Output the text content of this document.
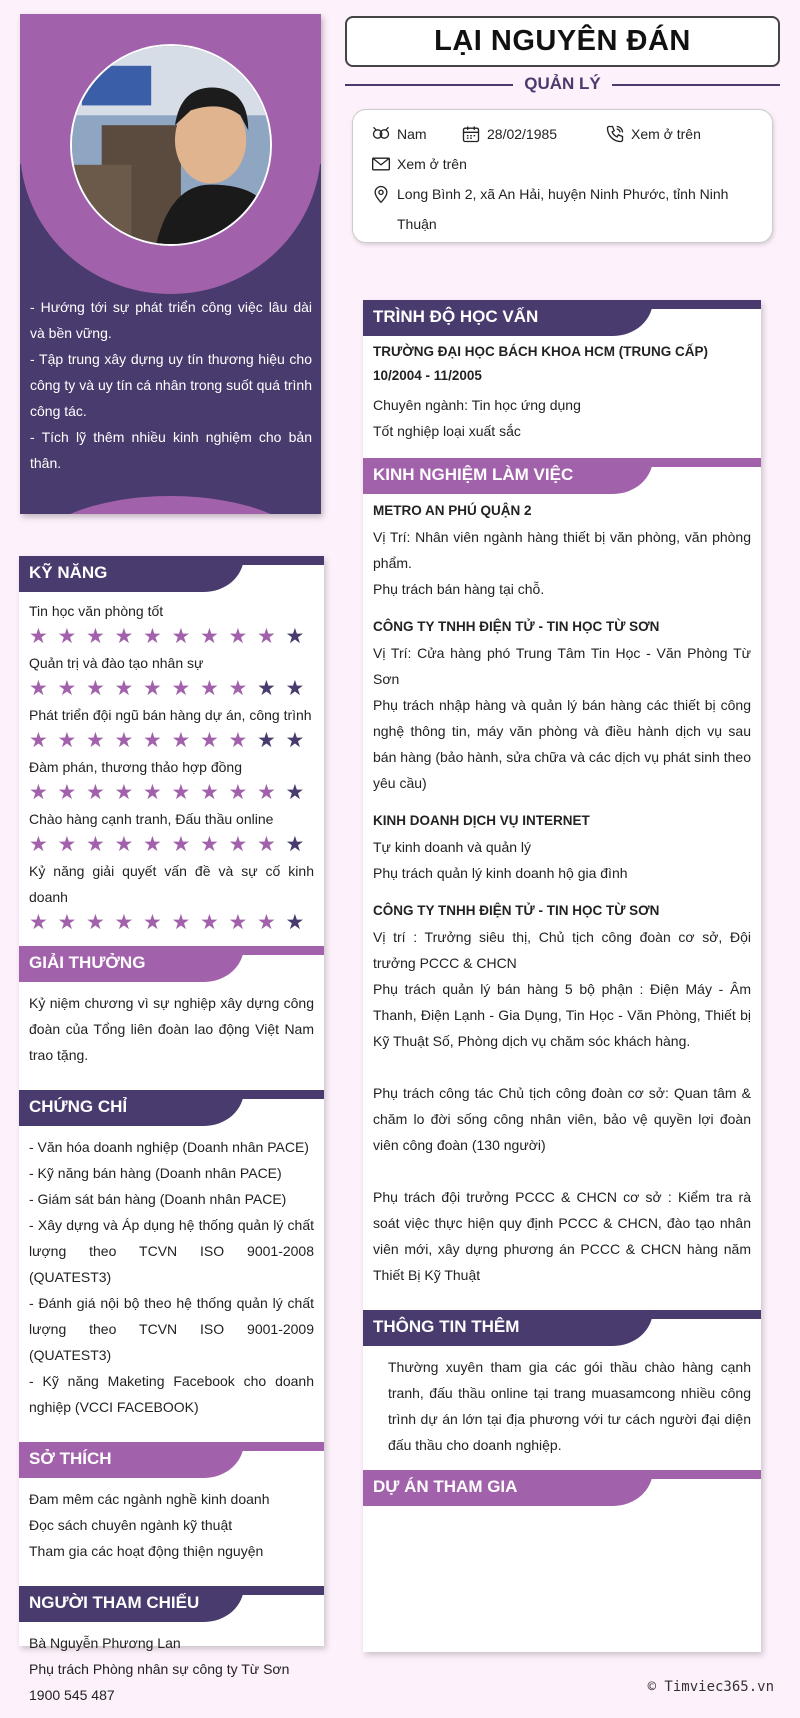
- Hướng tới sự phát triển công việc lâu dài và bền vững.

- Tập trung xây dựng uy tín thương hiệu cho công ty và uy tín cá nhân trong suốt quá trình công tác.

- Tích lỹ thêm nhiều kinh nghiệm cho bản thân.

KỸ NĂNG

Tin học văn phòng tốt

★ ★ ★ ★ ★ ★ ★ ★ ★ ★

Quản trị và đào tạo nhân sự

★ ★ ★ ★ ★ ★ ★ ★ ★ ★

Phát triển đội ngũ bán hàng dự án, công trình

★ ★ ★ ★ ★ ★ ★ ★ ★ ★

Đàm phán, thương thảo hợp đồng

★ ★ ★ ★ ★ ★ ★ ★ ★ ★

Chào hàng cạnh tranh, Đấu thầu online

★ ★ ★ ★ ★ ★ ★ ★ ★ ★

Kỷ năng giải quyết vấn đề và sự cố kinh doanh

★ ★ ★ ★ ★ ★ ★ ★ ★ ★
GIẢI THƯỞNG

Kỷ niệm chương vì sự nghiệp xây dựng công đoàn của Tổng liên đoàn lao động Việt Nam trao tặng.

CHỨNG CHỈ

- Văn hóa doanh nghiệp (Doanh nhân PACE)

- Kỹ năng bán hàng (Doanh nhân PACE)

- Giám sát bán hàng (Doanh nhân PACE)

- Xây dựng và Áp dụng hệ thống quản lý chất lượng theo TCVN ISO 9001-2008 (QUATEST3)

- Đánh giá nội bộ theo hệ thống quản lý chất lượng theo TCVN ISO 9001-2009 (QUATEST3)

- Kỹ năng Maketing Facebook cho doanh nghiệp (VCCI FACEBOOK)

SỞ THÍCH

Đam mêm các ngành nghề kinh doanh

Đọc sách chuyên ngành kỹ thuật

Tham gia các hoạt động thiện nguyện

NGƯỜI THAM CHIẾU

Bà Nguyễn Phương Lan

Phụ trách Phòng nhân sự công ty Từ Sơn

1900 545 487

LẠI NGUYÊN ĐÁN
QUẢN LÝ
Nam	28/02/1985	Xem ở trên
Xem ở trên
Long Bình 2, xã An Hải, huyện Ninh Phước, tỉnh Ninh Thuận
TRÌNH ĐỘ HỌC VẤN

TRƯỜNG ĐẠI HỌC BÁCH KHOA HCM (TRUNG CẤP)

10/2004 - 11/2005

Chuyên ngành: Tin học ứng dụng

Tốt nghiệp loại xuất sắc

KINH NGHIỆM LÀM VIỆC

METRO AN PHÚ QUẬN 2

Vị Trí: Nhân viên ngành hàng thiết bị văn phòng, văn phòng phẩm.

Phụ trách bán hàng tại chỗ.

CÔNG TY TNHH ĐIỆN TỬ - TIN HỌC TỪ SƠN

Vị Trí: Cửa hàng phó Trung Tâm Tin Học - Văn Phòng Từ Sơn

Phụ trách nhập hàng và quản lý bán hàng các thiết bị công nghệ thông tin, máy văn phòng và điều hành dịch vụ sau bán hàng (bảo hành, sửa chữa và các dịch vụ phát sinh theo yêu cầu)

KINH DOANH DỊCH VỤ INTERNET

Tự kinh doanh và quản lý

Phụ trách quản lý kinh doanh hộ gia đình

CÔNG TY TNHH ĐIỆN TỬ - TIN HỌC TỪ SƠN

Vị trí : Trưởng siêu thị, Chủ tịch công đoàn cơ sở, Đội trưởng PCCC & CHCN

Phụ trách quản lý bán hàng 5 bộ phận : Điện Máy - Âm Thanh, Điện Lạnh - Gia Dụng, Tin Học - Văn Phòng, Thiết bị Kỹ Thuật Số, Phòng dịch vụ chăm sóc khách hàng.

Phụ trách công tác Chủ tịch công đoàn cơ sở: Quan tâm & chăm lo đời sống công nhân viên, bảo vệ quyền lợi đoàn viên công đoàn (130 người)

Phụ trách đội trưởng PCCC & CHCN cơ sở : Kiểm tra rà soát việc thực hiện quy định PCCC & CHCN, đào tạo nhân viên mới, xây dựng phương án PCCC & CHCN hàng năm Thiết Bị Kỹ Thuật

THÔNG TIN THÊM

Thường xuyên tham gia các gói thầu chào hàng cạnh tranh, đấu thầu online tại trang muasamcong nhiều công trình dự án lớn tại địa phương với tư cách người đại diện đấu thầu cho doanh nghiệp.

DỰ ÁN THAM GIA
© Timviec365.vn
